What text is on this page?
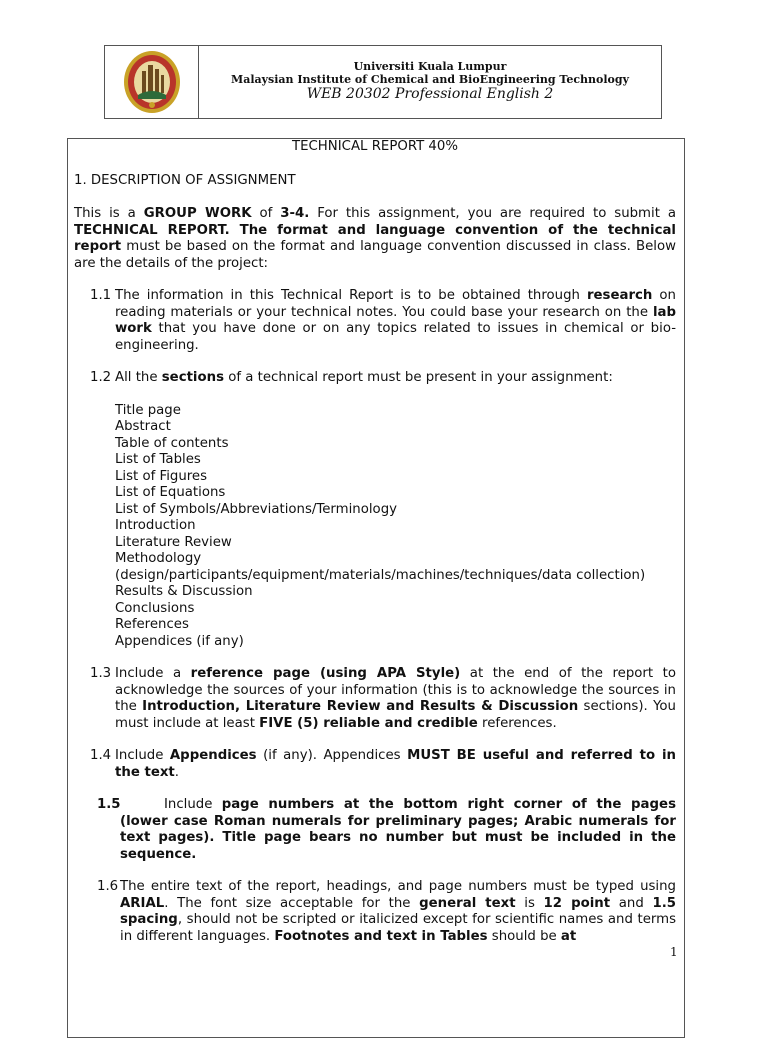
Universiti Kuala Lumpur
Malaysian Institute of Chemical and BioEngineering Technology
WEB 20302 Professional English 2
TECHNICAL REPORT 40%
1. DESCRIPTION OF ASSIGNMENT

This is a GROUP WORK of 3-4. For this assignment, you are required to submit a TECHNICAL REPORT. The format and language convention of the technical report must be based on the format and language convention discussed in class. Below are the details of the project:

1.1 The information in this Technical Report is to be obtained through research on reading materials or your technical notes. You could base your research on the lab work that you have done or on any topics related to issues in chemical or bio-engineering.
1.2 All the sections of a technical report must be present in your assignment:
Title page
Abstract
Table of contents
List of Tables
List of Figures
List of Equations
List of Symbols/Abbreviations/Terminology
Introduction
Literature Review
Methodology
(design/participants/equipment/materials/machines/techniques/data collection)
Results & Discussion
Conclusions
References
Appendices (if any)
1.3 Include a reference page (using APA Style) at the end of the report to acknowledge the sources of your information (this is to acknowledge the sources in the Introduction, Literature Review and Results & Discussion sections). You must include at least FIVE (5) reliable and credible references.
1.4 Include Appendices (if any). Appendices MUST BE useful and referred to in the text.
1.5	Include page numbers at the bottom right corner of the pages (lower case Roman numerals for preliminary pages; Arabic numerals for text pages). Title page bears no number but must be included in the sequence.
1.6 The entire text of the report, headings, and page numbers must be typed using ARIAL. The font size acceptable for the general text is 12 point and 1.5 spacing, should not be scripted or italicized except for scientific names and terms in different languages. Footnotes and text in Tables should be at
1
